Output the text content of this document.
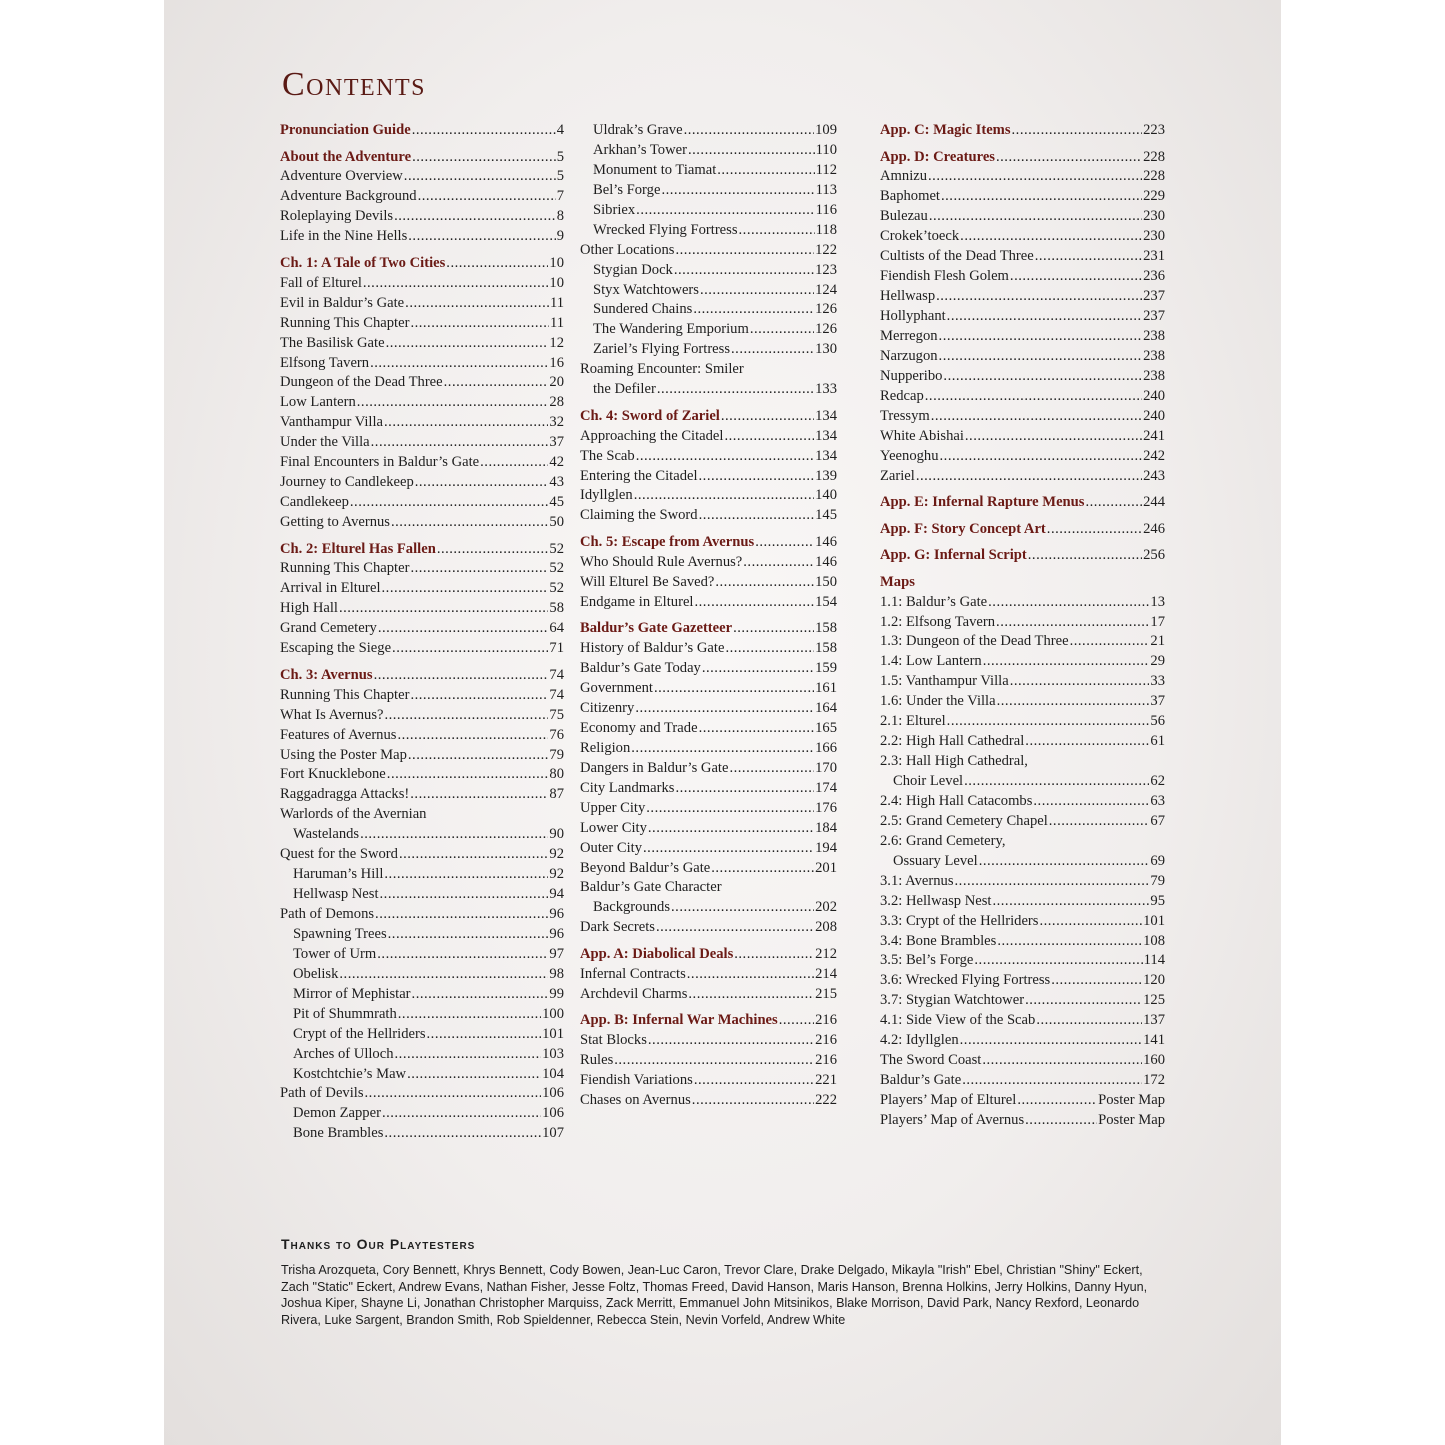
Contents
Pronunciation Guide .....	4
About the Adventure .....	5
Adventure Overview .....	5
Adventure Background .....	7
Roleplaying Devils .....	8
Life in the Nine Hells .....	9
Ch. 1: A Tale of Two Cities .....	10
Fall of Elturel .....	10
Evil in Baldur’s Gate .....	11
Running This Chapter .....	11
The Basilisk Gate .....	12
Elfsong Tavern .....	16
Dungeon of the Dead Three .....	20
Low Lantern .....	28
Vanthampur Villa .....	32
Under the Villa .....	37
Final Encounters in Baldur’s Gate .....	42
Journey to Candlekeep .....	43
Candlekeep .....	45
Getting to Avernus .....	50
Ch. 2: Elturel Has Fallen .....	52
Running This Chapter .....	52
Arrival in Elturel .....	52
High Hall .....	58
Grand Cemetery .....	64
Escaping the Siege .....	71
Ch. 3: Avernus .....	74
Running This Chapter .....	74
What Is Avernus? .....	75
Features of Avernus .....	76
Using the Poster Map .....	79
Fort Knucklebone .....	80
Raggadragga Attacks! .....	87
Warlords of the Avernian
Wastelands .....	90
Quest for the Sword .....	92
Haruman’s Hill .....	92
Hellwasp Nest .....	94
Path of Demons .....	96
Spawning Trees .....	96
Tower of Urm .....	97
Obelisk .....	98
Mirror of Mephistar .....	99
Pit of Shummrath .....	100
Crypt of the Hellriders .....	101
Arches of Ulloch .....	103
Kostchtchie’s Maw .....	104
Path of Devils .....	106
Demon Zapper .....	106
Bone Brambles .....	107
Uldrak’s Grave .....	109
Arkhan’s Tower .....	110
Monument to Tiamat .....	112
Bel’s Forge .....	113
Sibriex .....	116
Wrecked Flying Fortress .....	118
Other Locations .....	122
Stygian Dock .....	123
Styx Watchtowers .....	124
Sundered Chains .....	126
The Wandering Emporium .....	126
Zariel’s Flying Fortress .....	130
Roaming Encounter: Smiler
the Defiler .....	133
Ch. 4: Sword of Zariel .....	134
Approaching the Citadel .....	134
The Scab .....	134
Entering the Citadel .....	139
Idyllglen .....	140
Claiming the Sword .....	145
Ch. 5: Escape from Avernus .....	146
Who Should Rule Avernus? .....	146
Will Elturel Be Saved? .....	150
Endgame in Elturel .....	154
Baldur’s Gate Gazetteer .....	158
History of Baldur’s Gate .....	158
Baldur’s Gate Today .....	159
Government .....	161
Citizenry .....	164
Economy and Trade .....	165
Religion .....	166
Dangers in Baldur’s Gate .....	170
City Landmarks .....	174
Upper City .....	176
Lower City .....	184
Outer City .....	194
Beyond Baldur’s Gate .....	201
Baldur’s Gate Character
Backgrounds .....	202
Dark Secrets .....	208
App. A: Diabolical Deals .....	212
Infernal Contracts .....	214
Archdevil Charms .....	215
App. B: Infernal War Machines .....	216
Stat Blocks .....	216
Rules .....	216
Fiendish Variations .....	221
Chases on Avernus .....	222
App. C: Magic Items .....	223
App. D: Creatures .....	228
Amnizu .....	228
Baphomet .....	229
Bulezau .....	230
Crokek’toeck .....	230
Cultists of the Dead Three .....	231
Fiendish Flesh Golem .....	236
Hellwasp .....	237
Hollyphant .....	237
Merregon .....	238
Narzugon .....	238
Nupperibo .....	238
Redcap .....	240
Tressym .....	240
White Abishai .....	241
Yeenoghu .....	242
Zariel .....	243
App. E: Infernal Rapture Menus .....	244
App. F: Story Concept Art .....	246
App. G: Infernal Script .....	256
Maps
1.1: Baldur’s Gate .....	13
1.2: Elfsong Tavern .....	17
1.3: Dungeon of the Dead Three .....	21
1.4: Low Lantern .....	29
1.5: Vanthampur Villa .....	33
1.6: Under the Villa .....	37
2.1: Elturel .....	56
2.2: High Hall Cathedral .....	61
2.3: Hall High Cathedral,
Choir Level .....	62
2.4: High Hall Catacombs .....	63
2.5: Grand Cemetery Chapel .....	67
2.6: Grand Cemetery,
Ossuary Level .....	69
3.1: Avernus .....	79
3.2: Hellwasp Nest .....	95
3.3: Crypt of the Hellriders .....	101
3.4: Bone Brambles .....	108
3.5: Bel’s Forge .....	114
3.6: Wrecked Flying Fortress .....	120
3.7: Stygian Watchtower .....	125
4.1: Side View of the Scab .....	137
4.2: Idyllglen .....	141
The Sword Coast .....	160
Baldur’s Gate .....	172
Players’ Map of Elturel .....	Poster Map
Players’ Map of Avernus .....	Poster Map
Thanks to Our Playtesters

Trisha Arozqueta, Cory Bennett, Khrys Bennett, Cody Bowen, Jean-Luc Caron, Trevor Clare, Drake Delgado, Mikayla "Irish" Ebel, Christian "Shiny" Eckert, Zach "Static" Eckert, Andrew Evans, Nathan Fisher, Jesse Foltz, Thomas Freed, David Hanson, Maris Hanson, Brenna Holkins, Jerry Holkins, Danny Hyun, Joshua Kiper, Shayne Li, Jonathan Christopher Marquiss, Zack Merritt, Emmanuel John Mitsinikos, Blake Morrison, David Park, Nancy Rexford, Leonardo Rivera, Luke Sargent, Brandon Smith, Rob Spieldenner, Rebecca Stein, Nevin Vorfeld, Andrew White
